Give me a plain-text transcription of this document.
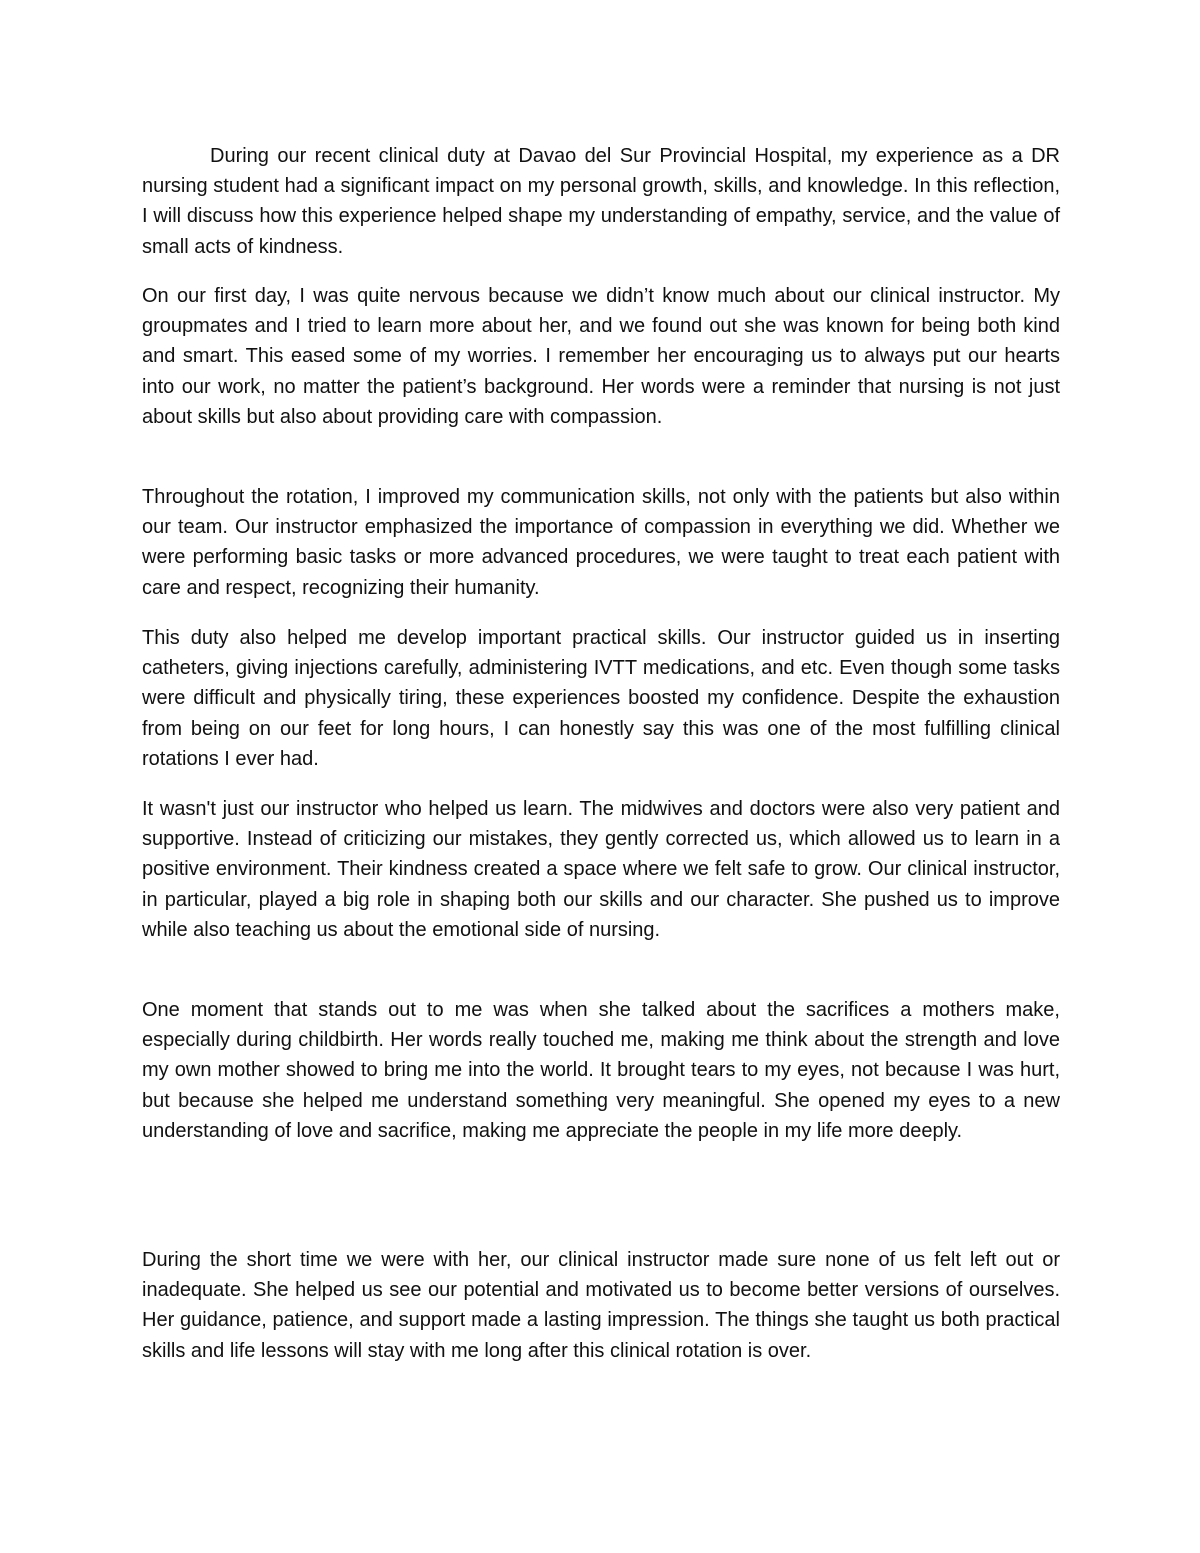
During our recent clinical duty at Davao del Sur Provincial Hospital, my experience as a DR nursing student had a significant impact on my personal growth, skills, and knowledge. In this reflection, I will discuss how this experience helped shape my understanding of empathy, service, and the value of small acts of kindness.

On our first day, I was quite nervous because we didn’t know much about our clinical instructor. My groupmates and I tried to learn more about her, and we found out she was known for being both kind and smart. This eased some of my worries. I remember her encouraging us to always put our hearts into our work, no matter the patient’s background. Her words were a reminder that nursing is not just about skills but also about providing care with compassion.

Throughout the rotation, I improved my communication skills, not only with the patients but also within our team. Our instructor emphasized the importance of compassion in everything we did. Whether we were performing basic tasks or more advanced procedures, we were taught to treat each patient with care and respect, recognizing their humanity.

This duty also helped me develop important practical skills. Our instructor guided us in inserting catheters, giving injections carefully, administering IVTT medications, and etc. Even though some tasks were difficult and physically tiring, these experiences boosted my confidence. Despite the exhaustion from being on our feet for long hours, I can honestly say this was one of the most fulfilling clinical rotations I ever had.

It wasn't just our instructor who helped us learn. The midwives and doctors were also very patient and supportive. Instead of criticizing our mistakes, they gently corrected us, which allowed us to learn in a positive environment. Their kindness created a space where we felt safe to grow. Our clinical instructor, in particular, played a big role in shaping both our skills and our character. She pushed us to improve while also teaching us about the emotional side of nursing.

One moment that stands out to me was when she talked about the sacrifices a mothers make, especially during childbirth. Her words really touched me, making me think about the strength and love my own mother showed to bring me into the world. It brought tears to my eyes, not because I was hurt, but because she helped me understand something very meaningful. She opened my eyes to a new understanding of love and sacrifice, making me appreciate the people in my life more deeply.

During the short time we were with her, our clinical instructor made sure none of us felt left out or inadequate. She helped us see our potential and motivated us to become better versions of ourselves. Her guidance, patience, and support made a lasting impression. The things she taught us both practical skills and life lessons will stay with me long after this clinical rotation is over.
